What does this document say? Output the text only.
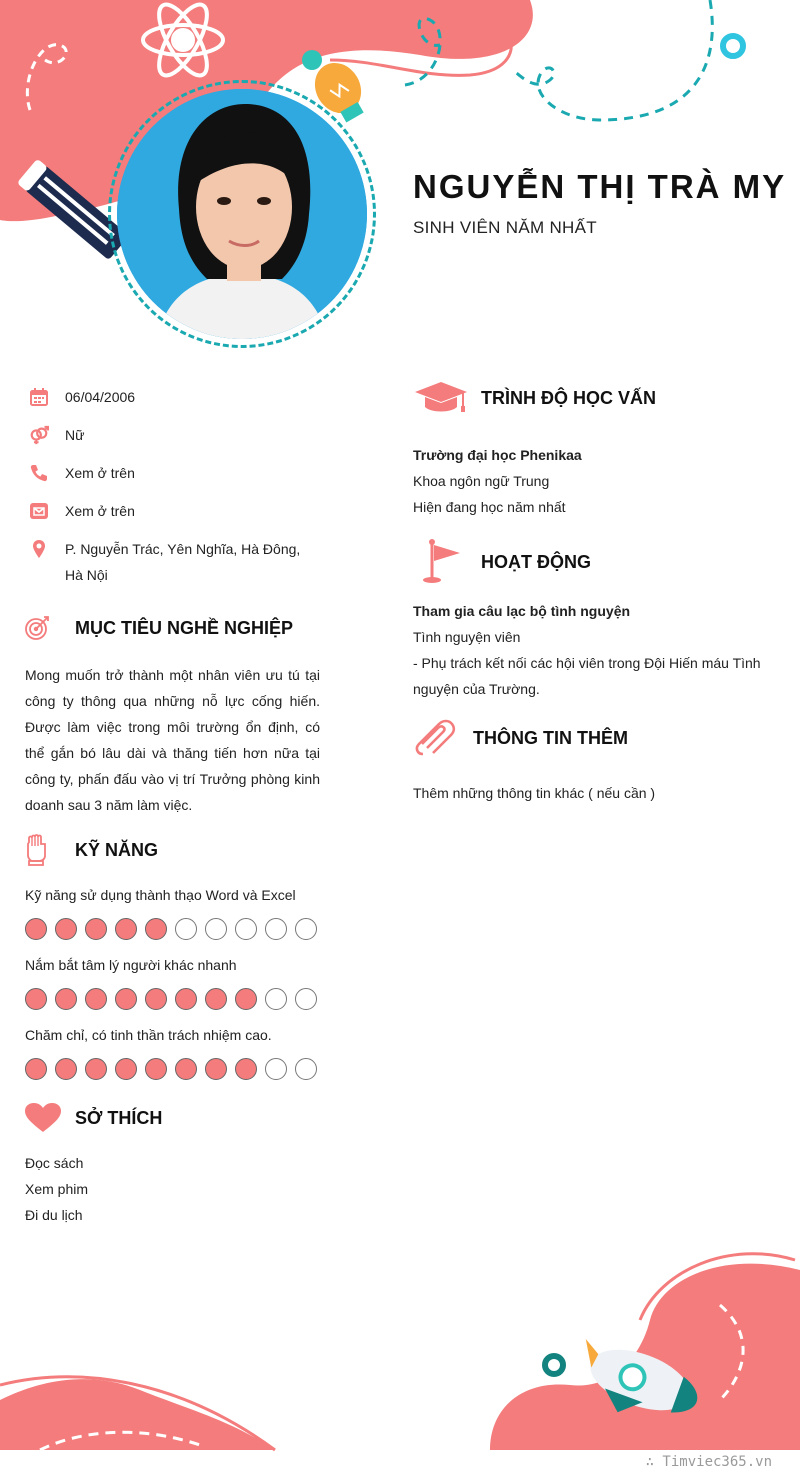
NGUYỄN THỊ TRÀ MY
SINH VIÊN NĂM NHẤT
06/04/2006
Nữ
Xem ở trên
Xem ở trên
P. Nguyễn Trác, Yên Nghĩa, Hà Đông, Hà Nội
MỤC TIÊU NGHỀ NGHIỆP
Mong muốn trở thành một nhân viên ưu tú tại công ty thông qua những nỗ lực cống hiến. Được làm việc trong môi trường ổn định, có thể gắn bó lâu dài và thăng tiến hơn nữa tại công ty, phấn đấu vào vị trí Trưởng phòng kinh doanh sau 3 năm làm việc.
KỸ NĂNG
Kỹ năng sử dụng thành thạo Word và Excel
Nắm bắt tâm lý người khác nhanh
Chăm chỉ, có tinh thần trách nhiệm cao.
SỞ THÍCH
Đọc sách
Xem phim
Đi du lịch
TRÌNH ĐỘ HỌC VẤN
Trường đại học Phenikaa
Khoa ngôn ngữ Trung
Hiện đang học năm nhất
HOẠT ĐỘNG
Tham gia câu lạc bộ tình nguyện
Tình nguyện viên
- Phụ trách kết nối các hội viên trong Đội Hiến máu Tình nguyện của Trường.
THÔNG TIN THÊM
Thêm những thông tin khác ( nếu cần )
∴ Timviec365.vn
